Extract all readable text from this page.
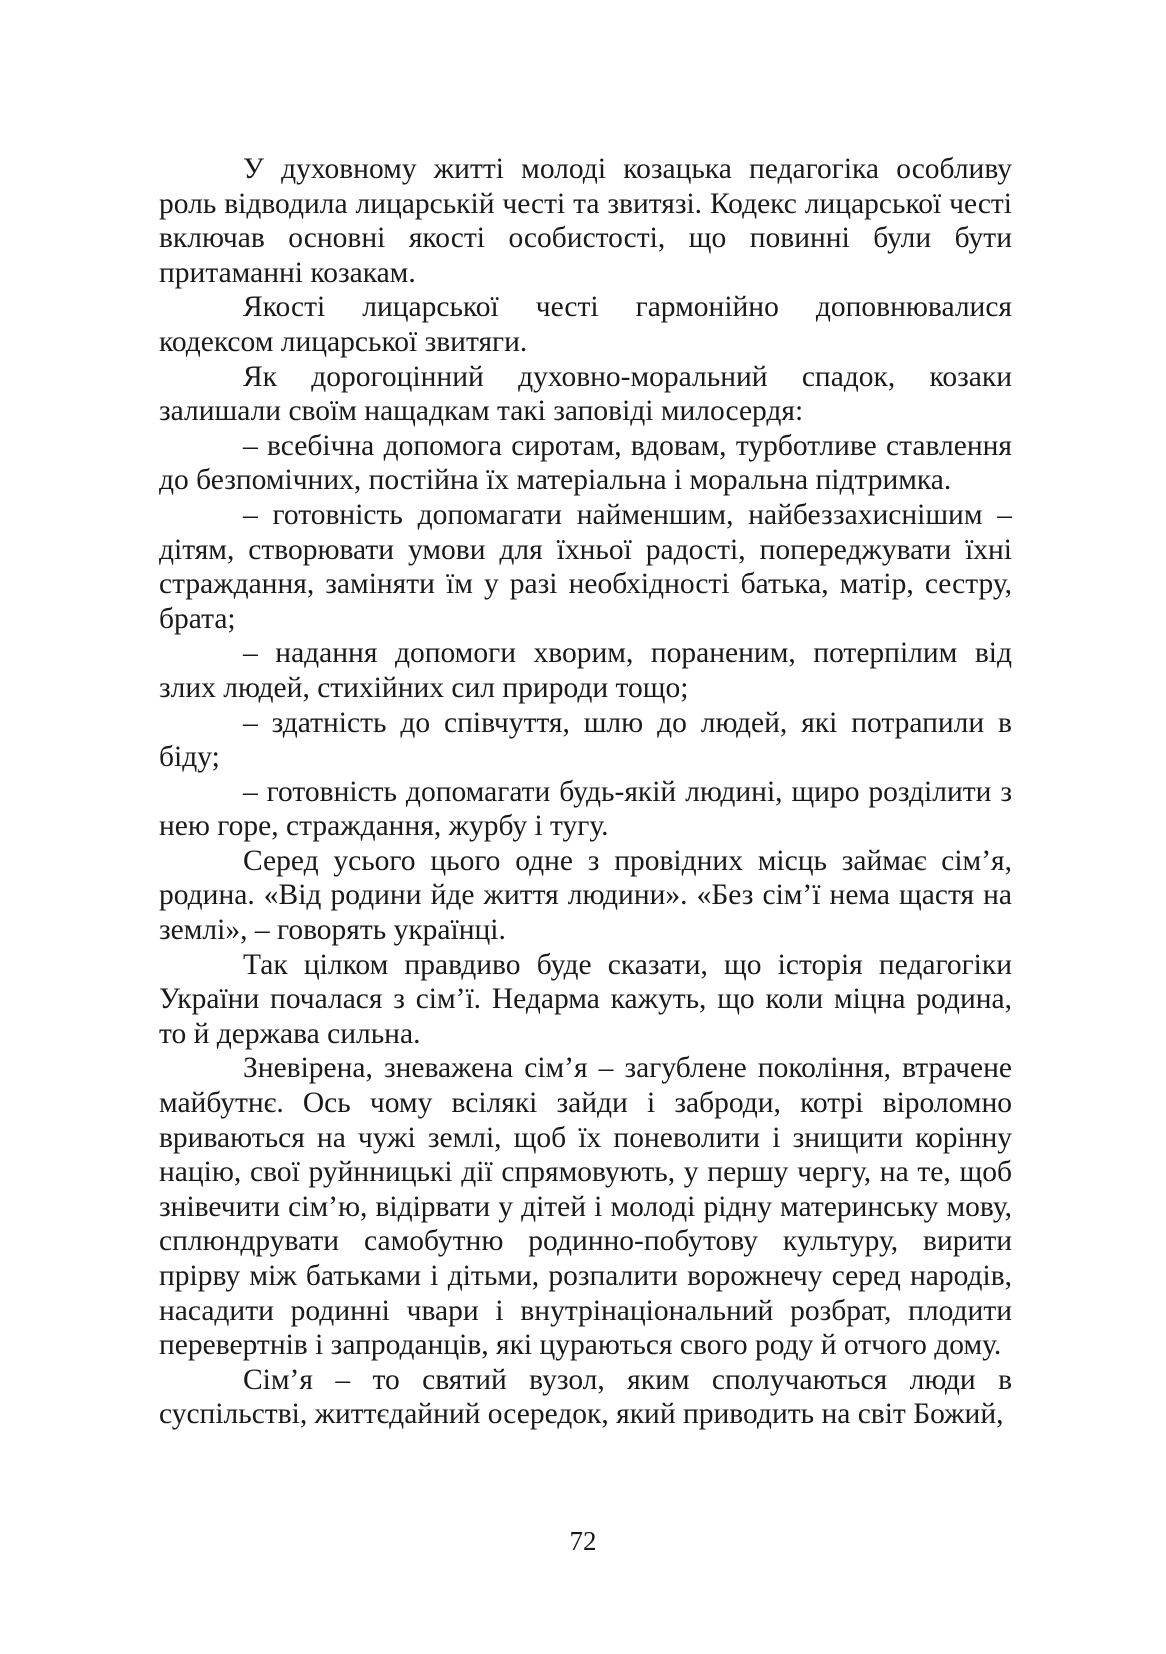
У духовному житті молоді козацька педагогіка особливу роль відводила лицарській честі та звитязі. Кодекс лицарської честі включав основні якості особистості, що повинні були бути притаманні козакам.

Якості лицарської честі гармонійно доповнювалися кодексом лицарської звитяги.

Як дорогоцінний духовно-моральний спадок, козаки залишали своїм нащадкам такі заповіді милосердя:

– всебічна допомога сиротам, вдовам, турботливе ставлення до безпомічних, постійна їх матеріальна і моральна підтримка.

– готовність допомагати найменшим, найбеззахиснішим – дітям, створювати умови для їхньої радості, попереджувати їхні страждання, заміняти їм у разі необхідності батька, матір, сестру, брата;

– надання допомоги хворим, пораненим, потерпілим від злих людей, стихійних сил природи тощо;

– здатність до співчуття, шлю до людей, які потрапили в біду;

– готовність допомагати будь-якій людині, щиро розділити з нею горе, страждання, журбу і тугу.

Серед усього цього одне з провідних місць займає сім’я, родина. «Від родини йде життя людини». «Без сім’ї нема щастя на землі», – говорять українці.

Так цілком правдиво буде сказати, що історія педагогіки України почалася з сім’ї. Недарма кажуть, що коли міцна родина, то й держава сильна.

Зневірена, зневажена сім’я – загублене покоління, втрачене майбутнє. Ось чому всілякі зайди і заброди, котрі віроломно вриваються на чужі землі, щоб їх поневолити і знищити корінну націю, свої руйнницькі дії спрямовують, у першу чергу, на те, щоб знівечити сім’ю, відірвати у дітей і молоді рідну материнську мову, сплюндрувати самобутню родинно-побутову культуру, вирити прірву між батьками і дітьми, розпалити ворожнечу серед народів, насадити родинні чвари і внутрінаціональний розбрат, плодити перевертнів і запроданців, які цураються свого роду й отчого дому.

Сім’я – то святий вузол, яким сполучаються люди в суспільстві, життєдайний осередок, який приводить на світ Божий,

72
